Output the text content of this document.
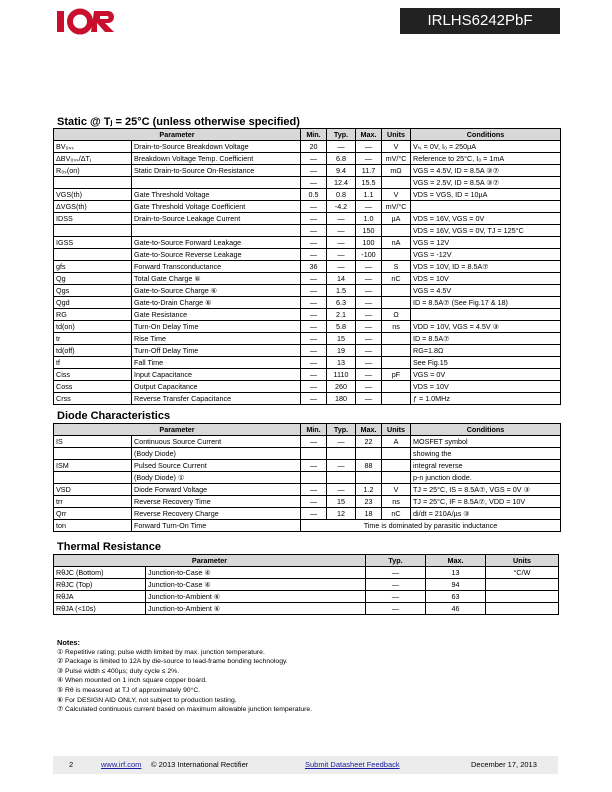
IRLHS6242PbF
Static @ Tⱼ = 25°C (unless otherwise specified)
Parameter		Min.	Typ.	Max.	Units	Conditions
BV₀ₛₛ	Drain-to-Source Breakdown Voltage	20	—	—	V	Vₗₛ = 0V, I₀ = 250µA
ΔBV₀ₛₛ/ΔTⱼ	Breakdown Voltage Temp. Coefficient	—	6.8	—	mV/°C	Reference to 25°C, I₀ = 1mA
R₀ₛ(on)	Static Drain-to-Source On-Resistance	—	9.4	11.7	mΩ	VGS = 4.5V, ID = 8.5A ③⑦
		—	12.4	15.5		VGS = 2.5V, ID = 8.5A ③⑦
VGS(th)	Gate Threshold Voltage	0.5	0.8	1.1	V	VDS = VGS, ID = 10µA
ΔVGS(th)	Gate Threshold Voltage Coefficient	—	-4.2	—	mV/°C	
IDSS	Drain-to-Source Leakage Current	—	—	1.0	µA	VDS = 16V, VGS = 0V
		—	—	150		VDS = 16V, VGS = 0V, TJ = 125°C
IGSS	Gate-to-Source Forward Leakage	—	—	100	nA	VGS = 12V
	Gate-to-Source Reverse Leakage	—	—	-100		VGS = -12V
gfs	Forward Transconductance	36	—	—	S	VDS = 10V, ID = 8.5A⑦
Qg	Total Gate Charge ⑥	—	14	—	nC	VDS = 10V
Qgs	Gate-to-Source Charge ⑥	—	1.5	—		VGS = 4.5V
Qgd	Gate-to-Drain Charge ⑥	—	6.3	—		ID = 8.5A⑦ (See Fig.17 & 18)
RG	Gate Resistance	—	2.1	—	Ω	
td(on)	Turn-On Delay Time	—	5.8	—	ns	VDD = 10V, VGS = 4.5V ③
tr	Rise Time	—	15	—		ID = 8.5A⑦
td(off)	Turn-Off Delay Time	—	19	—		RG=1.8Ω
tf	Fall Time	—	13	—		See Fig.15
Ciss	Input Capacitance	—	1110	—	pF	VGS = 0V
Coss	Output Capacitance	—	260	—		VDS = 10V
Crss	Reverse Transfer Capacitance	—	180	—		ƒ = 1.0MHz
Diode Characteristics
Parameter		Min.	Typ.	Max.	Units	Conditions
IS	Continuous Source Current	—	—	22	A	MOSFET symbol
	(Body Diode)					showing the
ISM	Pulsed Source Current	—	—	88		integral reverse
	(Body Diode) ①					p-n junction diode.
VSD	Diode Forward Voltage	—	—	1.2	V	TJ = 25°C, IS = 8.5A⑦, VGS = 0V ③
trr	Reverse Recovery Time	—	15	23	ns	TJ = 25°C, IF = 8.5A⑦, VDD = 10V
Qrr	Reverse Recovery Charge	—	12	18	nC	di/dt = 210A/µs ③
ton	Forward Turn-On Time	Time is dominated by parasitic inductance				
Thermal Resistance
Parameter		Typ.	Max.	Units
RθJC (Bottom)	Junction-to-Case ④	—	13	°C/W
RθJC (Top)	Junction-to-Case ④	—	94	
RθJA	Junction-to-Ambient ⑥	—	63	
RθJA (<10s)	Junction-to-Ambient ⑥	—	46	
Notes:
① Repetitive rating; pulse width limited by max. junction temperature.
② Package is limited to 12A by die-source to lead-frame bonding technology.
③ Pulse width ≤ 400µs; duty cycle ≤ 2%.
④ When mounted on 1 inch square copper board.
⑤ Rθ is measured at TJ of approximately 90°C.
⑥ For DESIGN AID ONLY, not subject to production testing.
⑦ Calculated continuous current based on maximum allowable junction temperature.
2	www.irf.com © 2013 International Rectifier	Submit Datasheet Feedback	December 17, 2013
